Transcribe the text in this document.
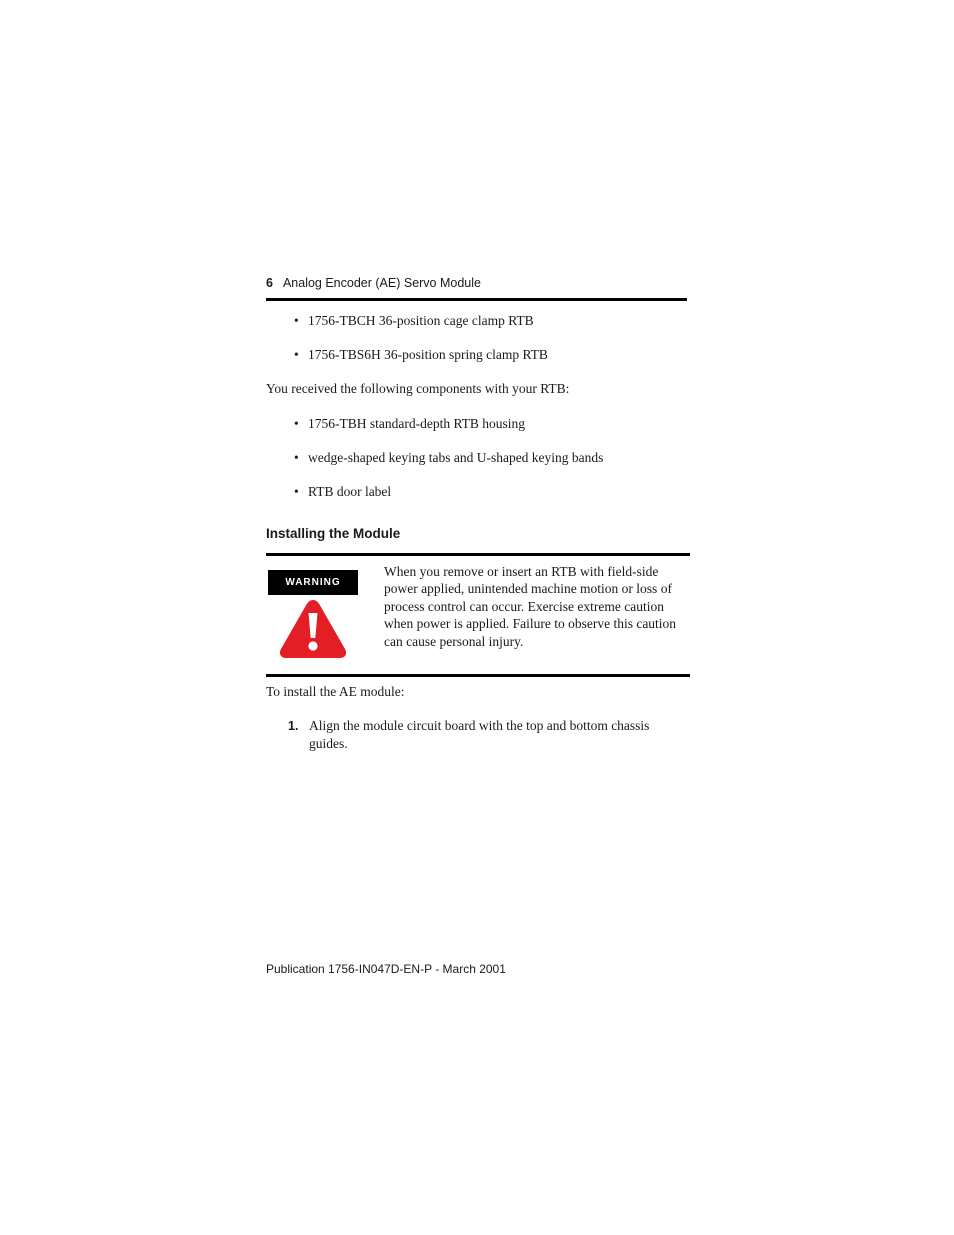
6 Analog Encoder (AE) Servo Module
• 1756-TBCH 36-position cage clamp RTB
• 1756-TBS6H 36-position spring clamp RTB
You received the following components with your RTB:
• 1756-TBH standard-depth RTB housing
• wedge-shaped keying tabs and U-shaped keying bands
• RTB door label
Installing the Module
WARNING
When you remove or insert an RTB with field-side
power applied, unintended machine motion or loss of
process control can occur. Exercise extreme caution
when power is applied. Failure to observe this caution
can cause personal injury.
To install the AE module:
1. Align the module circuit board with the top and bottom chassis
guides.
Publication 1756-IN047D-EN-P - March 2001
